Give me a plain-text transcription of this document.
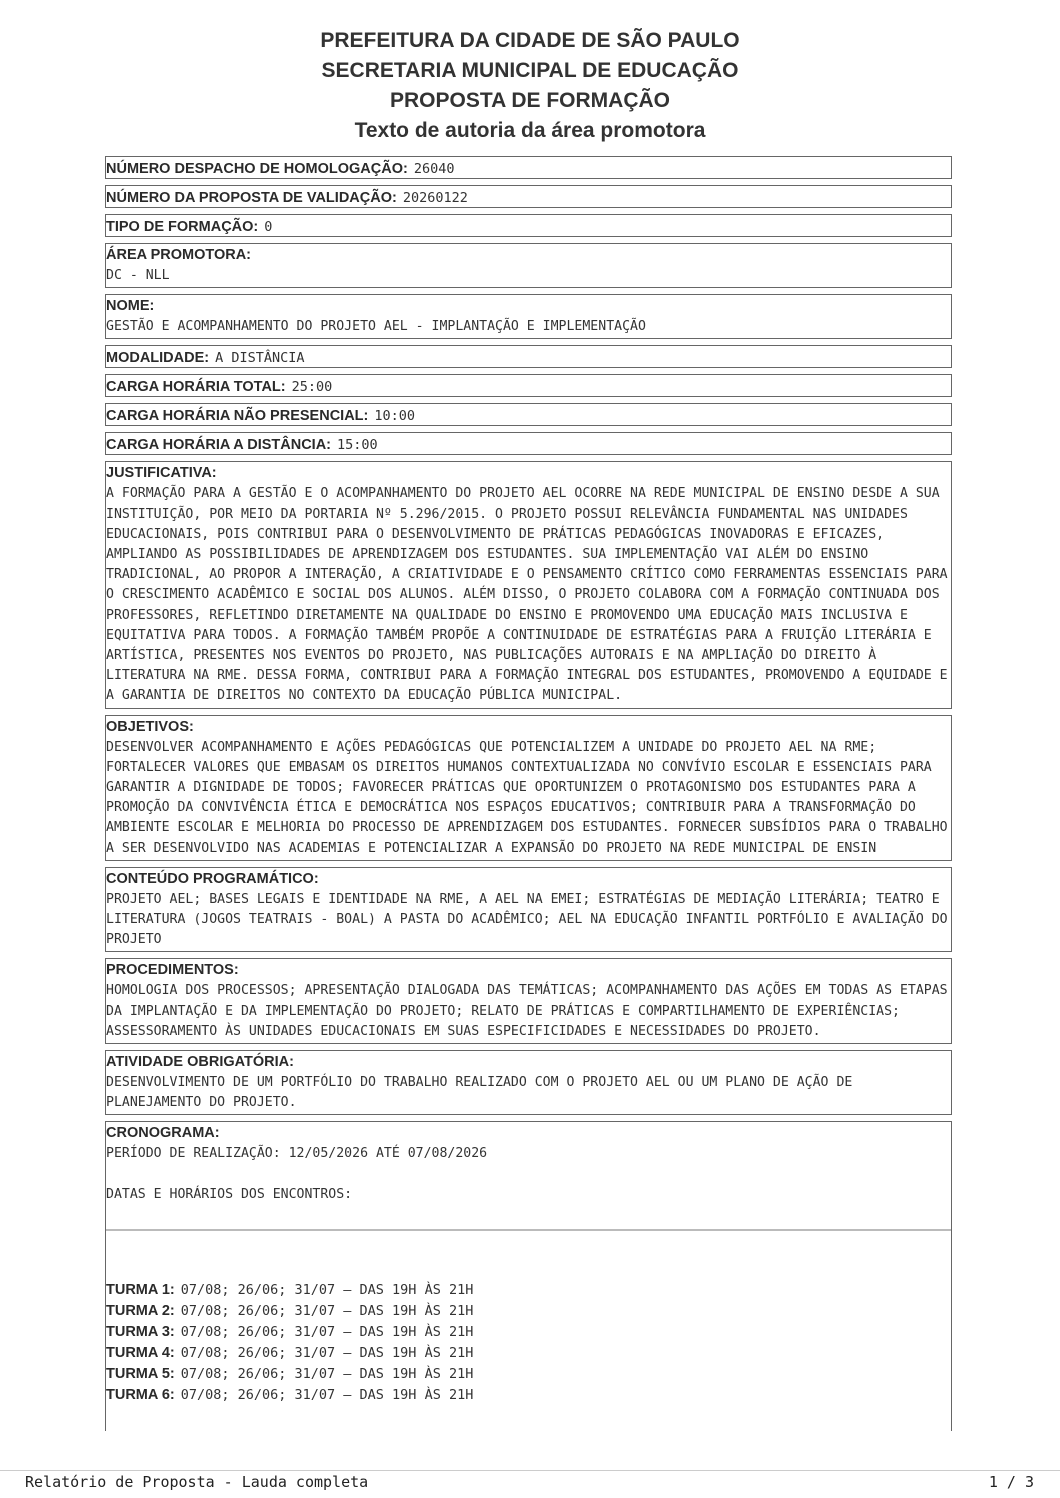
PREFEITURA DA CIDADE DE SÃO PAULO
SECRETARIA MUNICIPAL DE EDUCAÇÃO
PROPOSTA DE FORMAÇÃO
Texto de autoria da área promotora
NÚMERO DESPACHO DE HOMOLOGAÇÃO: 26040
NÚMERO DA PROPOSTA DE VALIDAÇÃO: 20260122
TIPO DE FORMAÇÃO: 0
ÁREA PROMOTORA:
DC - NLL
NOME:
GESTÃO E ACOMPANHAMENTO DO PROJETO AEL - IMPLANTAÇÃO E IMPLEMENTAÇÃO
MODALIDADE: A DISTÂNCIA
CARGA HORÁRIA TOTAL: 25:00
CARGA HORÁRIA NÃO PRESENCIAL: 10:00
CARGA HORÁRIA A DISTÂNCIA: 15:00
JUSTIFICATIVA:
A FORMAÇÃO PARA A GESTÃO E O ACOMPANHAMENTO DO PROJETO AEL OCORRE NA REDE MUNICIPAL DE ENSINO DESDE A SUA INSTITUIÇÃO, POR MEIO DA PORTARIA Nº 5.296/2015. O PROJETO POSSUI RELEVÂNCIA FUNDAMENTAL NAS UNIDADES EDUCACIONAIS, POIS CONTRIBUI PARA O DESENVOLVIMENTO DE PRÁTICAS PEDAGÓGICAS INOVADORAS E EFICAZES, AMPLIANDO AS POSSIBILIDADES DE APRENDIZAGEM DOS ESTUDANTES. SUA IMPLEMENTAÇÃO VAI ALÉM DO ENSINO TRADICIONAL, AO PROPOR A INTERAÇÃO, A CRIATIVIDADE E O PENSAMENTO CRÍTICO COMO FERRAMENTAS ESSENCIAIS PARA O CRESCIMENTO ACADÊMICO E SOCIAL DOS ALUNOS. ALÉM DISSO, O PROJETO COLABORA COM A FORMAÇÃO CONTINUADA DOS PROFESSORES, REFLETINDO DIRETAMENTE NA QUALIDADE DO ENSINO E PROMOVENDO UMA EDUCAÇÃO MAIS INCLUSIVA E EQUITATIVA PARA TODOS. A FORMAÇÃO TAMBÉM PROPÕE A CONTINUIDADE DE ESTRATÉGIAS PARA A FRUIÇÃO LITERÁRIA E ARTÍSTICA, PRESENTES NOS EVENTOS DO PROJETO, NAS PUBLICAÇÕES AUTORAIS E NA AMPLIAÇÃO DO DIREITO À LITERATURA NA RME. DESSA FORMA, CONTRIBUI PARA A FORMAÇÃO INTEGRAL DOS ESTUDANTES, PROMOVENDO A EQUIDADE E A GARANTIA DE DIREITOS NO CONTEXTO DA EDUCAÇÃO PÚBLICA MUNICIPAL.
OBJETIVOS:
DESENVOLVER ACOMPANHAMENTO E AÇÕES PEDAGÓGICAS QUE POTENCIALIZEM A UNIDADE DO PROJETO AEL NA RME; FORTALECER VALORES QUE EMBASAM OS DIREITOS HUMANOS CONTEXTUALIZADA NO CONVÍVIO ESCOLAR E ESSENCIAIS PARA GARANTIR A DIGNIDADE DE TODOS; FAVORECER PRÁTICAS QUE OPORTUNIZEM O PROTAGONISMO DOS ESTUDANTES PARA A PROMOÇÃO DA CONVIVÊNCIA ÉTICA E DEMOCRÁTICA NOS ESPAÇOS EDUCATIVOS; CONTRIBUIR PARA A TRANSFORMAÇÃO DO AMBIENTE ESCOLAR E MELHORIA DO PROCESSO DE APRENDIZAGEM DOS ESTUDANTES. FORNECER SUBSÍDIOS PARA O TRABALHO A SER DESENVOLVIDO NAS ACADEMIAS E POTENCIALIZAR A EXPANSÃO DO PROJETO NA REDE MUNICIPAL DE ENSIN
CONTEÚDO PROGRAMÁTICO:
PROJETO AEL; BASES LEGAIS E IDENTIDADE NA RME, A AEL NA EMEI; ESTRATÉGIAS DE MEDIAÇÃO LITERÁRIA; TEATRO E LITERATURA (JOGOS TEATRAIS - BOAL) A PASTA DO ACADÊMICO; AEL NA EDUCAÇÃO INFANTIL PORTFÓLIO E AVALIAÇÃO DO PROJETO
PROCEDIMENTOS:
HOMOLOGIA DOS PROCESSOS; APRESENTAÇÃO DIALOGADA DAS TEMÁTICAS; ACOMPANHAMENTO DAS AÇÕES EM TODAS AS ETAPAS DA IMPLANTAÇÃO E DA IMPLEMENTAÇÃO DO PROJETO; RELATO DE PRÁTICAS E COMPARTILHAMENTO DE EXPERIÊNCIAS; ASSESSORAMENTO ÀS UNIDADES EDUCACIONAIS EM SUAS ESPECIFICIDADES E NECESSIDADES DO PROJETO.
ATIVIDADE OBRIGATÓRIA:
DESENVOLVIMENTO DE UM PORTFÓLIO DO TRABALHO REALIZADO COM O PROJETO AEL OU UM PLANO DE AÇÃO DE PLANEJAMENTO DO PROJETO.
CRONOGRAMA:
PERÍODO DE REALIZAÇÃO: 12/05/2026 ATÉ 07/08/2026
DATAS E HORÁRIOS DOS ENCONTROS:
TURMA 1: 07/08; 26/06; 31/07 — DAS 19H ÀS 21H
TURMA 2: 07/08; 26/06; 31/07 — DAS 19H ÀS 21H
TURMA 3: 07/08; 26/06; 31/07 — DAS 19H ÀS 21H
TURMA 4: 07/08; 26/06; 31/07 — DAS 19H ÀS 21H
TURMA 5: 07/08; 26/06; 31/07 — DAS 19H ÀS 21H
TURMA 6: 07/08; 26/06; 31/07 — DAS 19H ÀS 21H
Relatório de Proposta - Lauda completa	1 / 3
